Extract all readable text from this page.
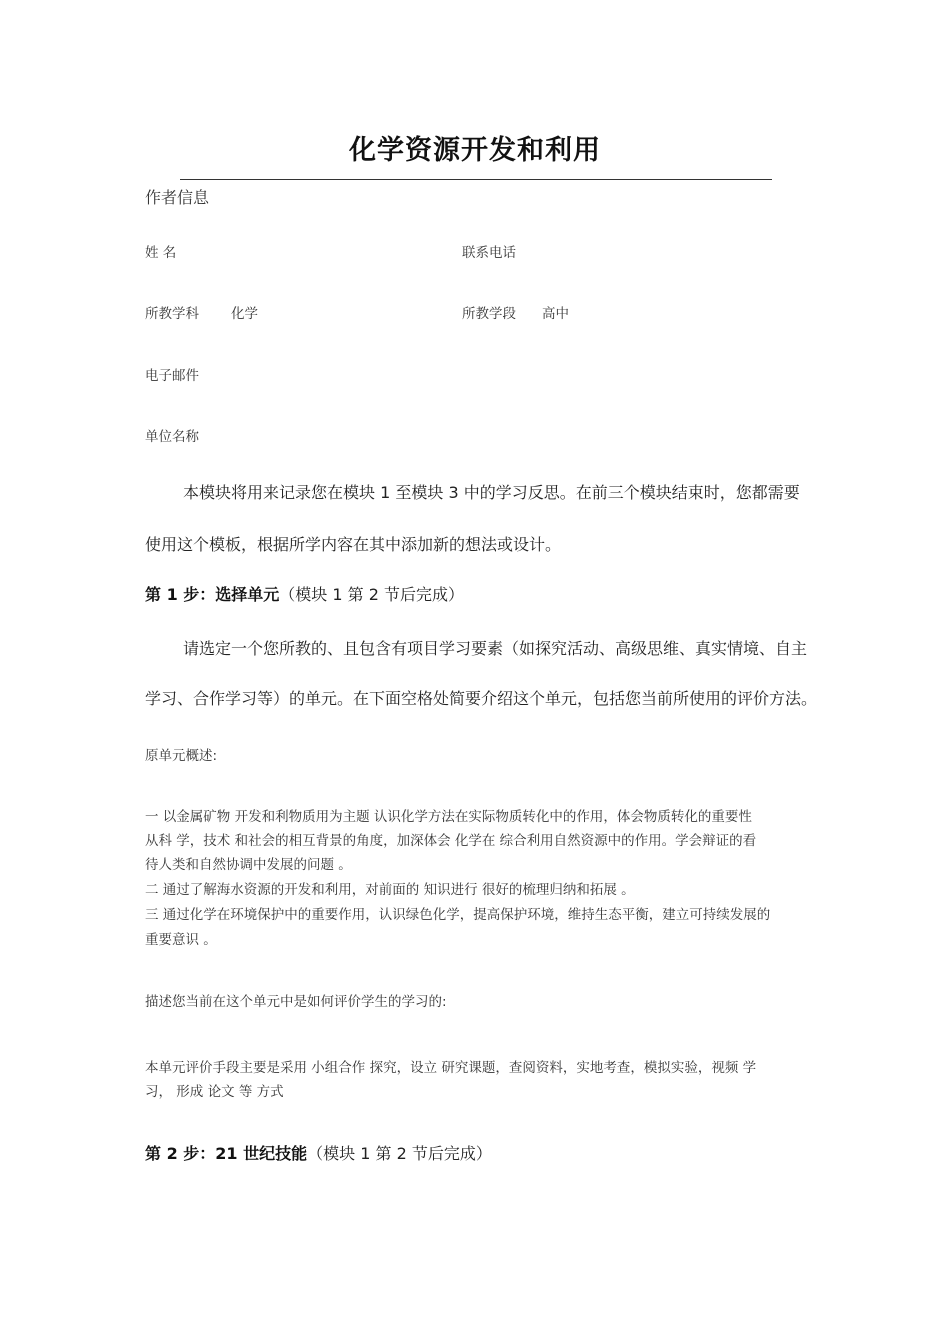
化学资源开发和利用
作者信息
姓 名	联系电话
所教学科 化学	所教学段 高中
电子邮件
单位名称
本模块将用来记录您在模块 1 至模块 3 中的学习反思。在前三个模块结束时，您都需要
使用这个模板，根据所学内容在其中添加新的想法或设计。
第 1 步：选择单元（模块 1 第 2 节后完成）
请选定一个您所教的、且包含有项目学习要素（如探究活动、高级思维、真实情境、自主
学习、合作学习等）的单元。在下面空格处简要介绍这个单元，包括您当前所使用的评价方法。
原单元概述:
一 以金属矿物 开发和利物质用为主题 认识化学方法在实际物质转化中的作用，体会物质转化的重要性
从科 学，技术 和社会的相互背景的角度，加深体会 化学在 综合利用自然资源中的作用。学会辩证的看
待人类和自然协调中发展的问题 。
二 通过了解海水资源的开发和利用，对前面的 知识进行 很好的梳理归纳和拓展 。
三 通过化学在环境保护中的重要作用，认识绿色化学，提高保护环境，维持生态平衡，建立可持续发展的
重要意识 。
描述您当前在这个单元中是如何评价学生的学习的:
本单元评价手段主要是采用 小组合作 探究，设立 研究课题，查阅资料，实地考查，模拟实验，视频 学
习， 形成 论文 等 方式
第 2 步：21 世纪技能（模块 1 第 2 节后完成）
